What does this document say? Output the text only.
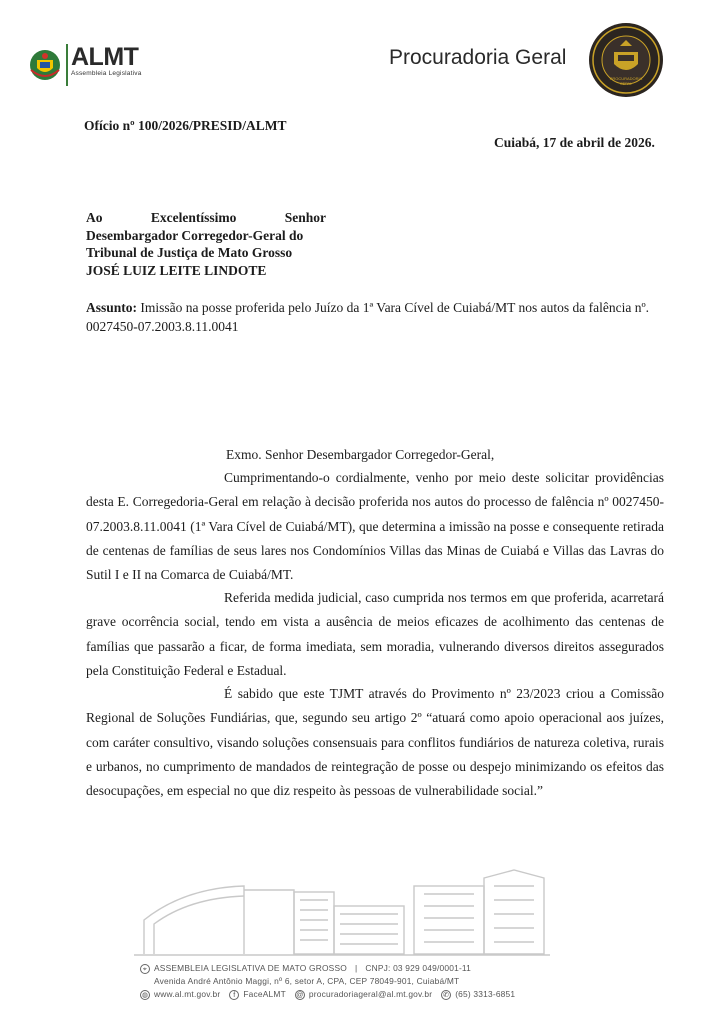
ALMT
Assembleia Legislativa
Procuradoria Geral
PROCURADORIA
GERAL
Ofício nº 100/2026/PRESID/ALMT
Cuiabá, 17 de abril de 2026.
Ao	Excelentíssimo	Senhor
Desembargador Corregedor-Geral do
Tribunal de Justiça de Mato Grosso
JOSÉ LUIZ LEITE LINDOTE
Assunto: Imissão na posse proferida pelo Juízo da 1ª Vara Cível de Cuiabá/MT nos autos da falência nº. 0027450-07.2003.8.11.0041
Exmo. Senhor Desembargador Corregedor-Geral,
Cumprimentando-o cordialmente, venho por meio deste solicitar providências desta E. Corregedoria-Geral em relação à decisão proferida nos autos do processo de falência nº 0027450-07.2003.8.11.0041 (1ª Vara Cível de Cuiabá/MT), que determina a imissão na posse e consequente retirada de centenas de famílias de seus lares nos Condomínios Villas das Minas de Cuiabá e Villas das Lavras do Sutil I e II na Comarca de Cuiabá/MT.
Referida medida judicial, caso cumprida nos termos em que proferida, acarretará grave ocorrência social, tendo em vista a ausência de meios eficazes de acolhimento das centenas de famílias que passarão a ficar, de forma imediata, sem moradia, vulnerando diversos direitos assegurados pela Constituição Federal e Estadual.
É sabido que este TJMT através do Provimento nº 23/2023 criou a Comissão Regional de Soluções Fundiárias, que, segundo seu artigo 2º “atuará como apoio operacional aos juízes, com caráter consultivo, visando soluções consensuais para conflitos fundiários de natureza coletiva, rurais e urbanos, no cumprimento de mandados de reintegração de posse ou despejo minimizando os efeitos das desocupações, em especial no que diz respeito às pessoas de vulnerabilidade social.”
⌖ ASSEMBLEIA LEGISLATIVA DE MATO GROSSO | CNPJ: 03 929 049/0001-11
Avenida André Antônio Maggi, nº 6, setor A, CPA, CEP 78049-901, Cuiabá/MT
◍ www.al.mt.gov.br	f FaceALMT @ procuradoriageral@al.mt.gov.br ✆ (65) 3313-6851
